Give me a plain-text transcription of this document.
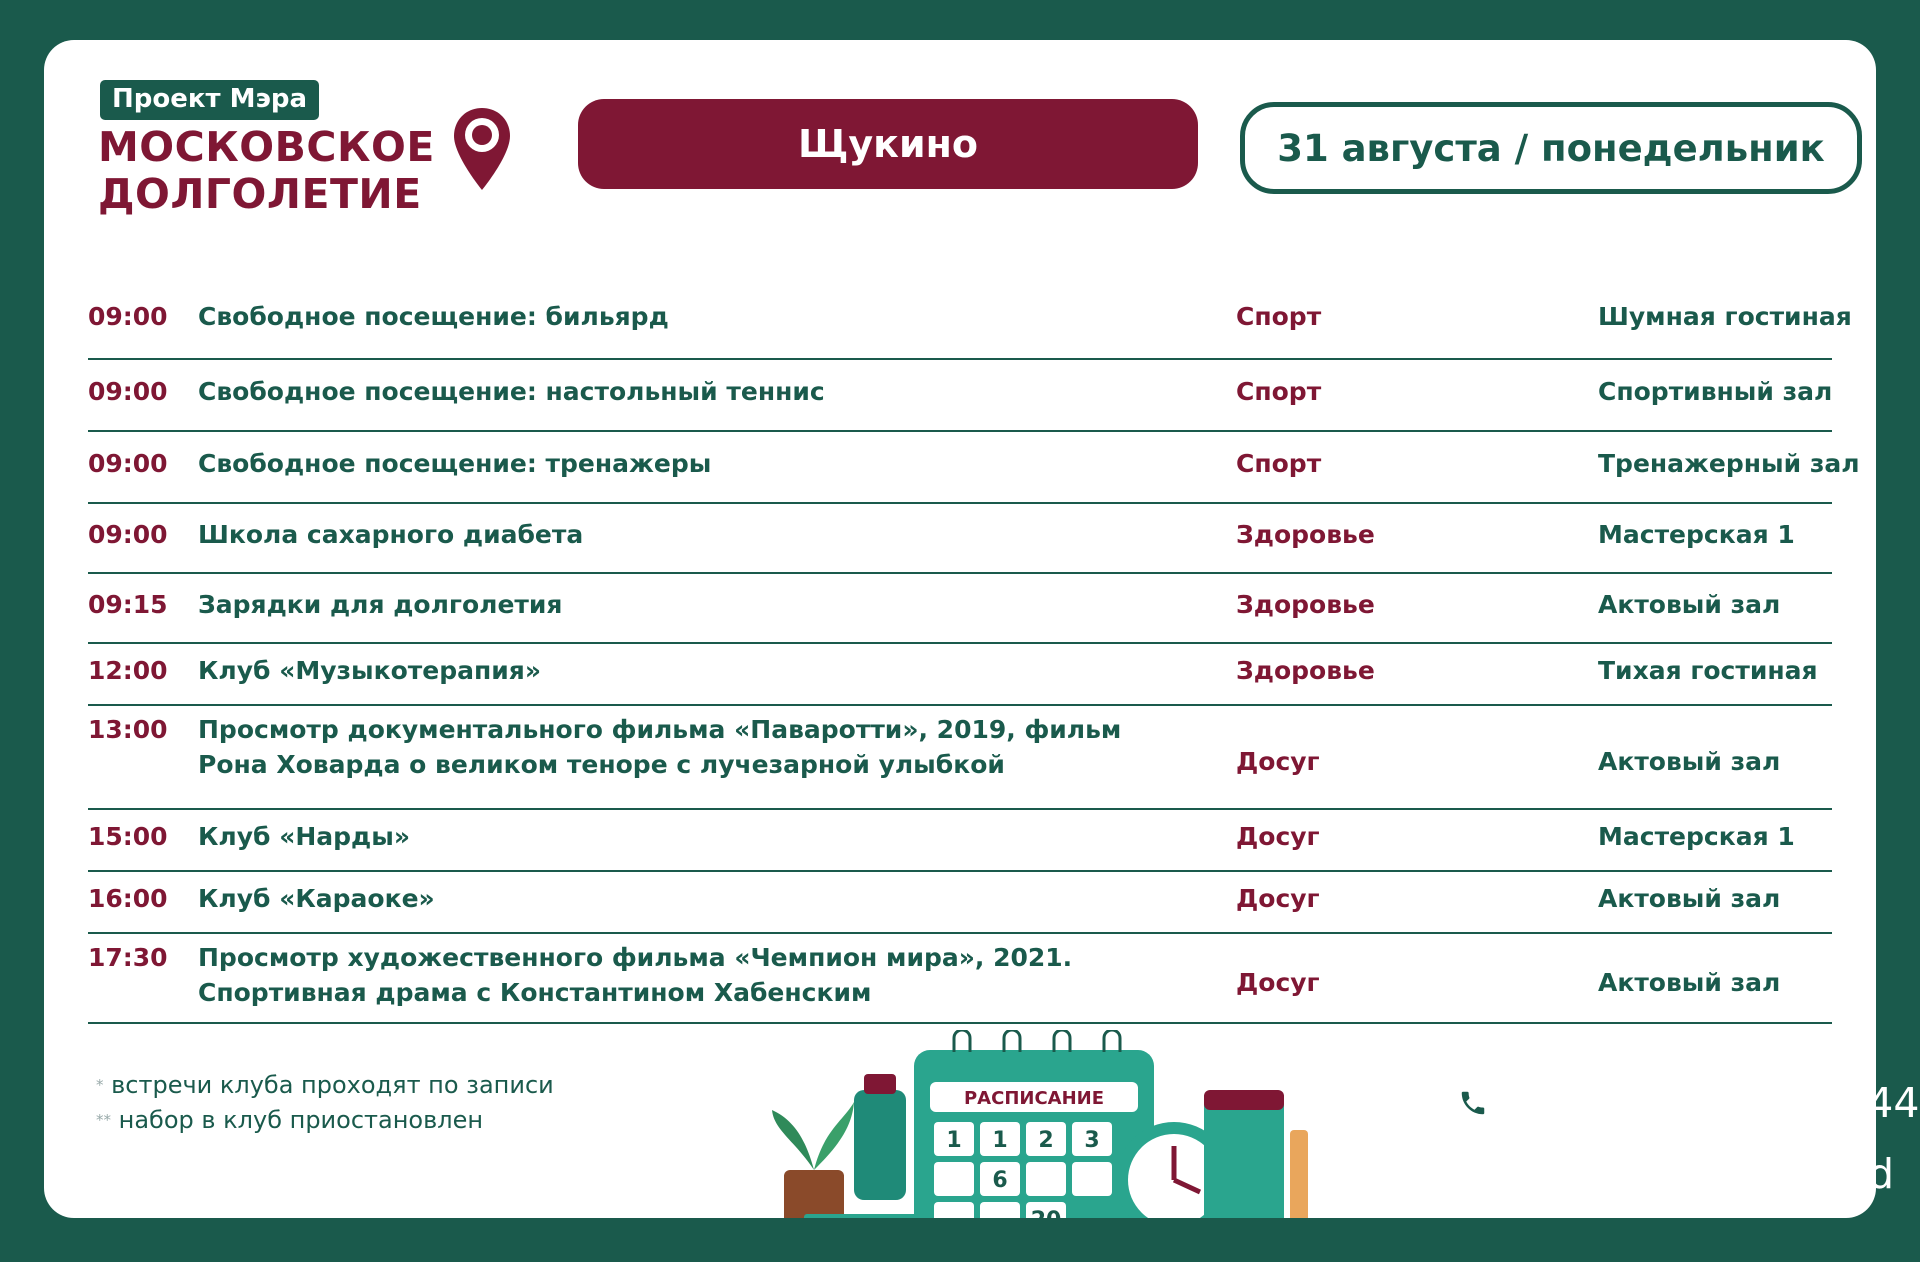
Проект Мэра
МОСКОВСКОЕ
ДОЛГОЛЕТИЕ
Щукино	31 августа / понедельник
09:00 Свободное посещение: бильярд	Спорт	Шумная гостиная
09:00 Свободное посещение: настольный теннис	Спорт	Спортивный зал
09:00 Свободное посещение: тренажеры	Спорт	Тренажерный зал
09:00 Школа сахарного диабета	Здоровье	Мастерская 1
09:15 Зарядки для долголетия	Здоровье	Актовый зал
12:00 Клуб «Музыкотерапия»	Здоровье	Тихая гостиная
13:00 Просмотр документального фильма «Паваротти», 2019, фильм Рона Ховарда о великом теноре с лучезарной улыбкой	Досуг	Актовый зал
15:00 Клуб «Нарды»	Досуг	Мастерская 1
16:00 Клуб «Караоке»	Досуг	Актовый зал
17:30 Просмотр художественного фильма «Чемпион мира», 2021. Спортивная драма с Константином Хабенским	Досуг	Актовый зал
* встречи клуба проходят по записи
** набор в клуб приостановлен
РАСПИСАНИЕ
1 1 2 3
6
20
+7 (495) 870 44 44
mos.ru/md
